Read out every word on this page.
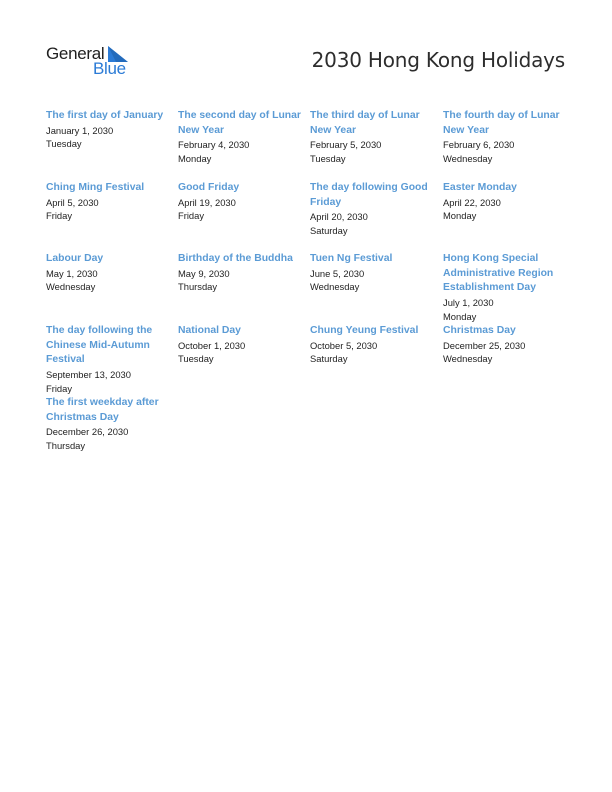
General
Blue	2030 Hong Kong Holidays
The first day of January
January 1, 2030
Tuesday
The second day of Lunar New Year
February 4, 2030
Monday
The third day of Lunar New Year
February 5, 2030
Tuesday
The fourth day of Lunar New Year
February 6, 2030
Wednesday
Ching Ming Festival
April 5, 2030
Friday
Good Friday
April 19, 2030
Friday
The day following Good Friday
April 20, 2030
Saturday
Easter Monday
April 22, 2030
Monday
Labour Day
May 1, 2030
Wednesday
Birthday of the Buddha
May 9, 2030
Thursday
Tuen Ng Festival
June 5, 2030
Wednesday
Hong Kong Special Administrative Region Establishment Day
July 1, 2030
Monday
The day following the Chinese Mid-Autumn Festival
September 13, 2030
Friday
National Day
October 1, 2030
Tuesday
Chung Yeung Festival
October 5, 2030
Saturday
Christmas Day
December 25, 2030
Wednesday
The first weekday after Christmas Day
December 26, 2030
Thursday
